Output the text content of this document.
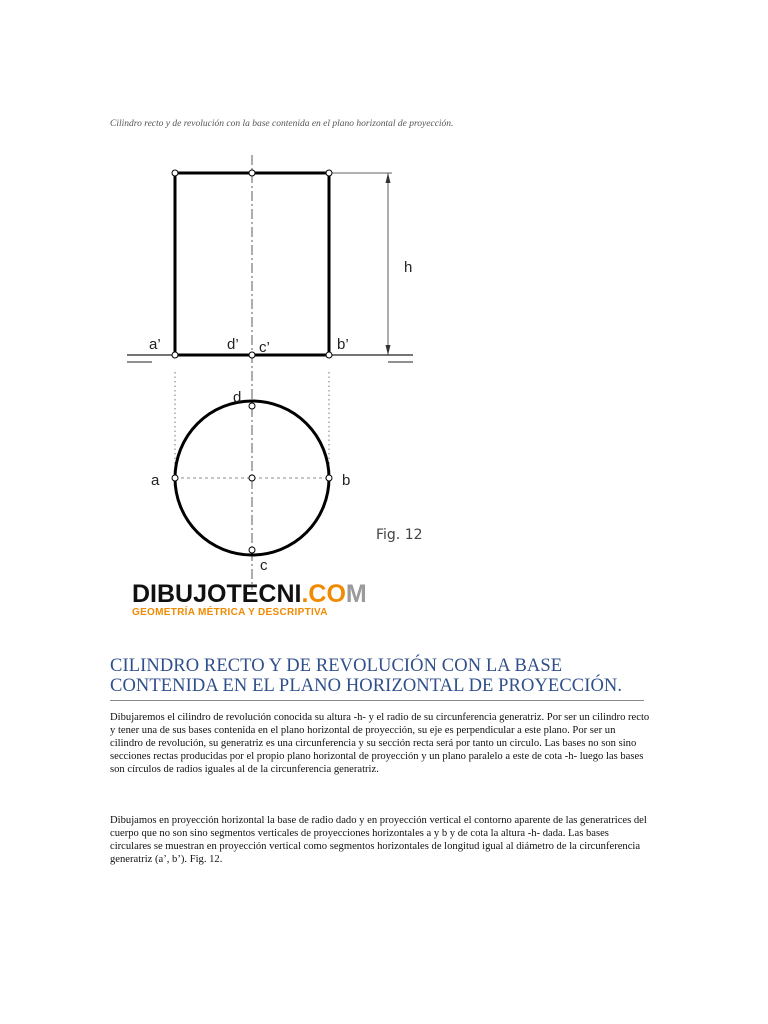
Cilindro recto y de revolución con la base contenida en el plano horizontal de proyección.
a’	d’ c’	b’
h
d
a	b
c
Fig. 12
DIBUJOTECNI.COM
GEOMETRÍA MÉTRICA Y DESCRIPTIVA
CILINDRO RECTO Y DE REVOLUCIÓN CON LA BASE CONTENIDA EN EL PLANO HORIZONTAL DE PROYECCIÓN.

Dibujaremos el cilindro de revolución conocida su altura -h- y el radio de su circunferencia generatriz. Por ser un cilindro recto y tener una de sus bases contenida en el plano horizontal de proyección, su eje es perpendicular a este plano. Por ser un cilindro de revolución, su generatriz es una circunferencia y su sección recta será por tanto un circulo. Las bases no son sino secciones rectas producidas por el propio plano horizontal de proyección y un plano paralelo a este de cota -h- luego las bases son círculos de radios iguales al de la circunferencia generatriz.

Dibujamos en proyección horizontal la base de radio dado y en proyección vertical el contorno aparente de las generatrices del cuerpo que no son sino segmentos verticales de proyecciones horizontales a y b y de cota la altura -h- dada. Las bases circulares se muestran en proyección vertical como segmentos horizontales de longitud igual al diámetro de la circunferencia generatriz (a’, b’). Fig. 12.
